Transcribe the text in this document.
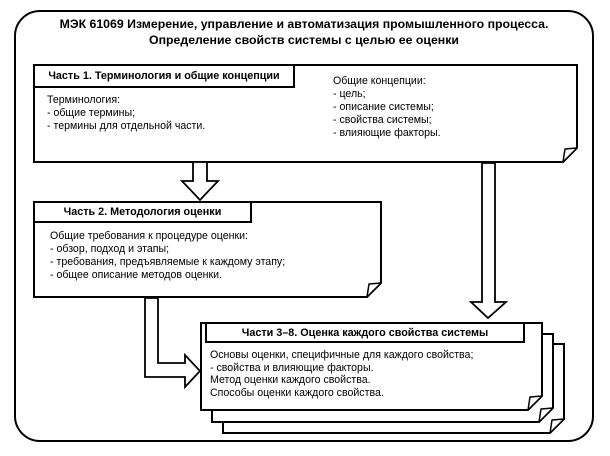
МЭК 61069 Измерение, управление и автоматизация промышленного процесса.
Определение свойств системы с целью ее оценки
Часть 1. Терминология и общие концепции
Терминология:
- общие термины;
- термины для отдельной части.
Общие концепции:
- цель;
- описание системы;
- свойства системы;
- влияющие факторы.
Часть 2. Методология оценки
Общие требования к процедуре оценки:
- обзор, подход и этапы;
- требования, предъявляемые к каждому этапу;
- общее описание методов оценки.
Части 3–8. Оценка каждого свойства системы
Основы оценки, специфичные для каждого свойства;
- свойства и влияющие факторы.
Метод оценки каждого свойства.
Способы оценки каждого свойства.
